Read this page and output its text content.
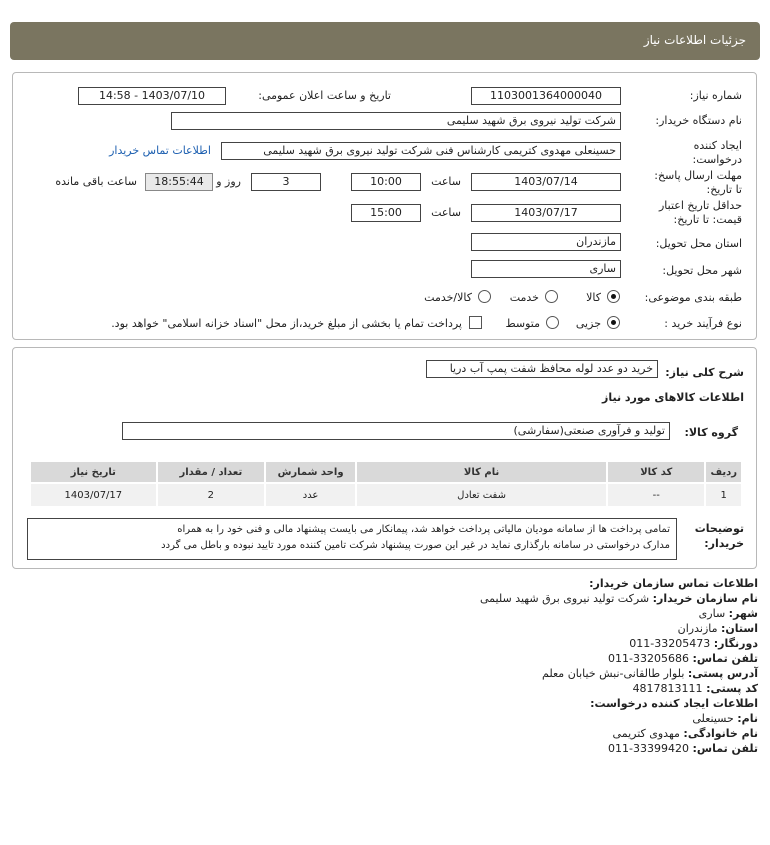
جزئیات اطلاعات نیاز
شماره نیاز:
1103001364000040
تاریخ و ساعت اعلان عمومی:
1403/07/10 - 14:58
نام دستگاه خریدار:
شرکت تولید نیروی برق شهید سلیمی
ایجاد کننده
درخواست:
حسینعلی مهدوی کتریمی کارشناس فنی شرکت تولید نیروی برق شهید سلیمی
اطلاعات تماس خریدار
مهلت ارسال پاسخ:
تا تاریخ:
1403/07/14
ساعت
10:00
3
روز و
18:55:44
ساعت باقی مانده
حداقل تاریخ اعتبار
قیمت: تا تاریخ:
1403/07/17
ساعت
15:00
استان محل تحویل:
مازندران
شهر محل تحویل:
ساری
طبقه بندی موضوعی:
کالا
خدمت
کالا/خدمت
نوع فرآیند خرید :
جزیی
متوسط
پرداخت تمام یا بخشی از مبلغ خرید،از محل "اسناد خزانه اسلامی" خواهد بود.
شرح کلی نیاز:
خرید دو عدد لوله محافظ شفت پمپ آب دریا
اطلاعات کالاهای مورد نیاز
گروه کالا:
تولید و فرآوری صنعتی(سفارشی)
ردیف	کد کالا	نام کالا	واحد شمارش	تعداد / مقدار	تاریخ نیاز
1	--	شفت تعادل	عدد	2	1403/07/17
توضیحات
خریدار:
تمامی پرداخت ها از سامانه مودیان مالیاتی پرداخت خواهد شد، پیمانکار می بایست پیشنهاد مالی و فنی خود را به همراه
مدارک درخواستی در سامانه بارگذاری نماید در غیر این صورت پیشنهاد شرکت تامین کننده مورد تایید نبوده و باطل می گردد
اطلاعات تماس سازمان خریدار:
نام سازمان خریدار: شرکت تولید نیروی برق شهید سلیمی
شهر: ساری
استان: مازندران
دورنگار: 33205473-011
تلفن تماس: 33205686-011
آدرس پستی: بلوار طالقانی-نبش خیابان معلم
کد پستی: 4817813111
اطلاعات ایجاد کننده درخواست:
نام: حسینعلی
نام خانوادگی: مهدوی کتریمی
تلفن تماس: 33399420-011
